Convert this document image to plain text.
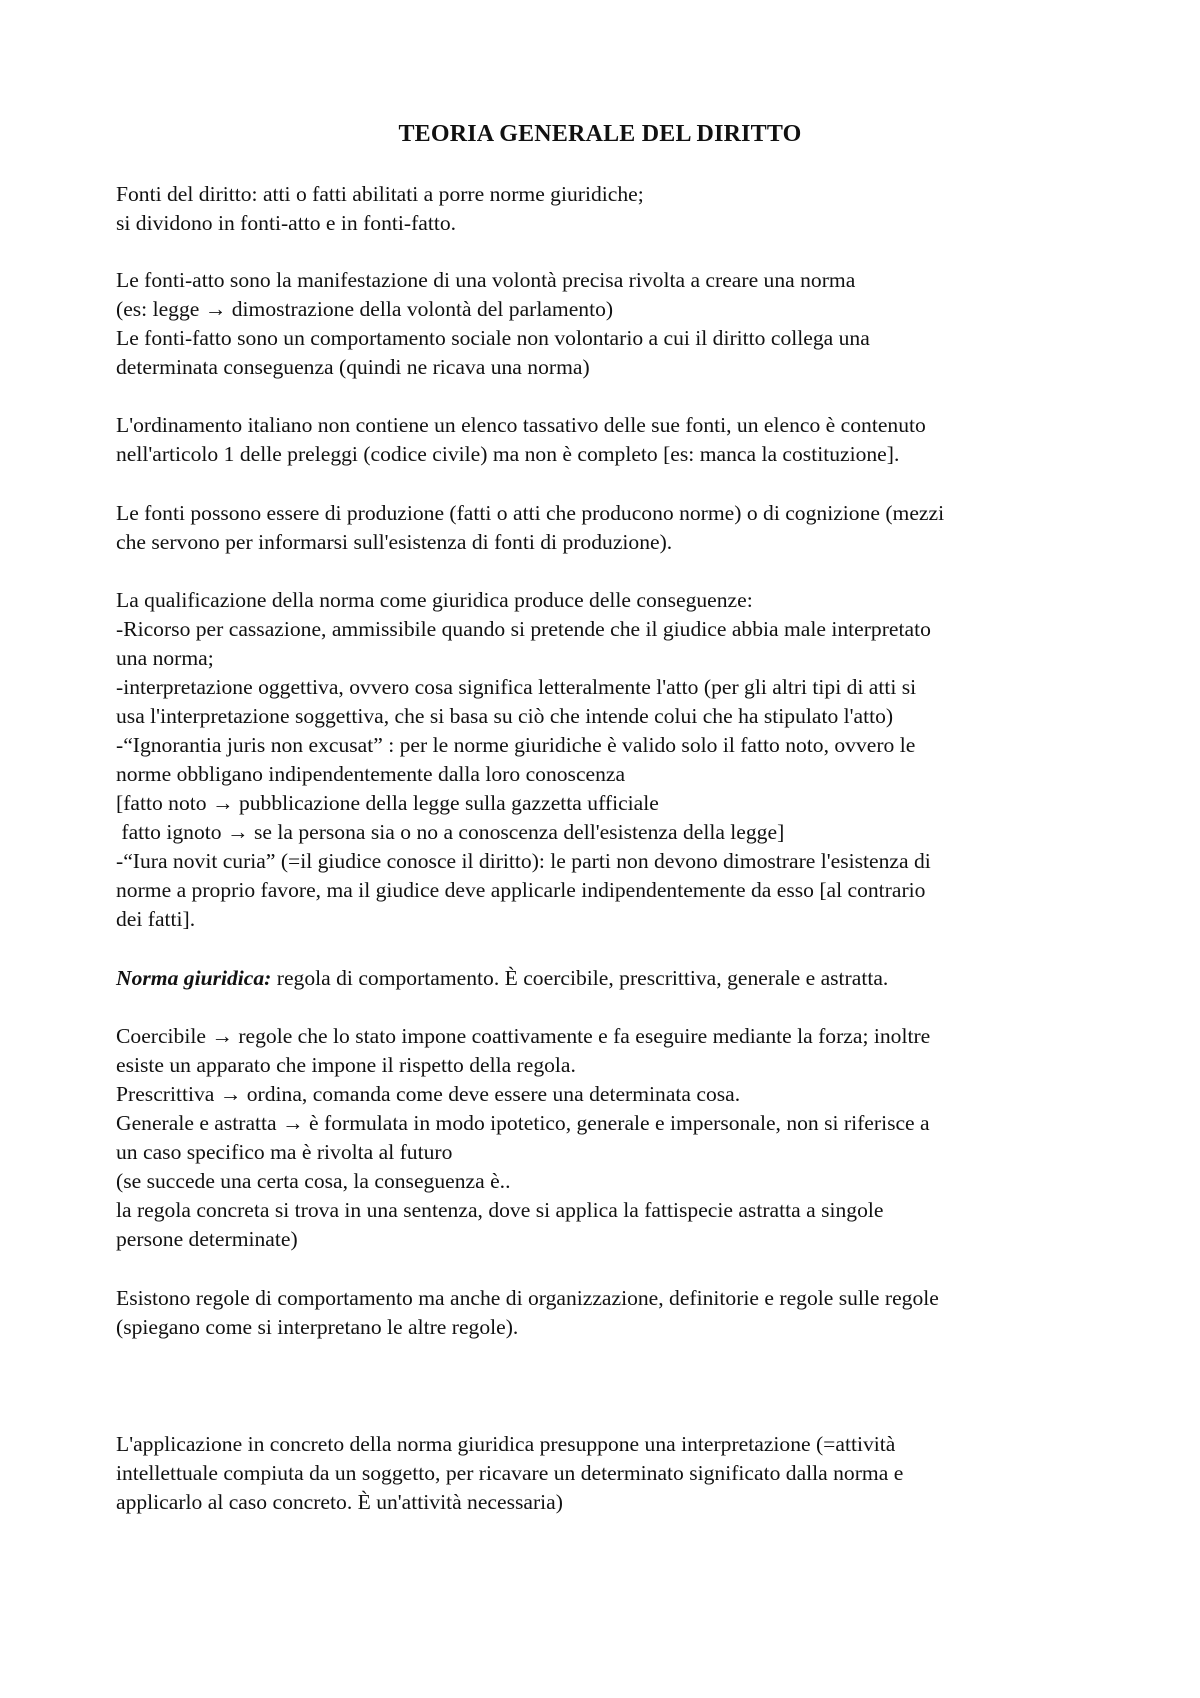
TEORIA GENERALE DEL DIRITTO
Fonti del diritto: atti o fatti abilitati a porre norme giuridiche;
si dividono in fonti-atto e in fonti-fatto.
Le fonti-atto sono la manifestazione di una volontà precisa rivolta a creare una norma
(es: legge → dimostrazione della volontà del parlamento)
Le fonti-fatto sono un comportamento sociale non volontario a cui il diritto collega una
determinata conseguenza (quindi ne ricava una norma)
L'ordinamento italiano non contiene un elenco tassativo delle sue fonti, un elenco è contenuto
nell'articolo 1 delle preleggi (codice civile) ma non è completo [es: manca la costituzione].
Le fonti possono essere di produzione (fatti o atti che producono norme) o di cognizione (mezzi
che servono per informarsi sull'esistenza di fonti di produzione).
La qualificazione della norma come giuridica produce delle conseguenze:
-Ricorso per cassazione, ammissibile quando si pretende che il giudice abbia male interpretato
una norma;
-interpretazione oggettiva, ovvero cosa significa letteralmente l'atto (per gli altri tipi di atti si
usa l'interpretazione soggettiva, che si basa su ciò che intende colui che ha stipulato l'atto)
-“Ignorantia juris non excusat” : per le norme giuridiche è valido solo il fatto noto, ovvero le
norme obbligano indipendentemente dalla loro conoscenza
[fatto noto → pubblicazione della legge sulla gazzetta ufficiale
fatto ignoto → se la persona sia o no a conoscenza dell'esistenza della legge]
-“Iura novit curia” (=il giudice conosce il diritto): le parti non devono dimostrare l'esistenza di
norme a proprio favore, ma il giudice deve applicarle indipendentemente da esso [al contrario
dei fatti].
Norma giuridica: regola di comportamento. È coercibile, prescrittiva, generale e astratta.
Coercibile → regole che lo stato impone coattivamente e fa eseguire mediante la forza; inoltre
esiste un apparato che impone il rispetto della regola.
Prescrittiva → ordina, comanda come deve essere una determinata cosa.
Generale e astratta → è formulata in modo ipotetico, generale e impersonale, non si riferisce a
un caso specifico ma è rivolta al futuro
(se succede una certa cosa, la conseguenza è..
la regola concreta si trova in una sentenza, dove si applica la fattispecie astratta a singole
persone determinate)
Esistono regole di comportamento ma anche di organizzazione, definitorie e regole sulle regole
(spiegano come si interpretano le altre regole).
L'applicazione in concreto della norma giuridica presuppone una interpretazione (=attività
intellettuale compiuta da un soggetto, per ricavare un determinato significato dalla norma e
applicarlo al caso concreto. È un'attività necessaria)
